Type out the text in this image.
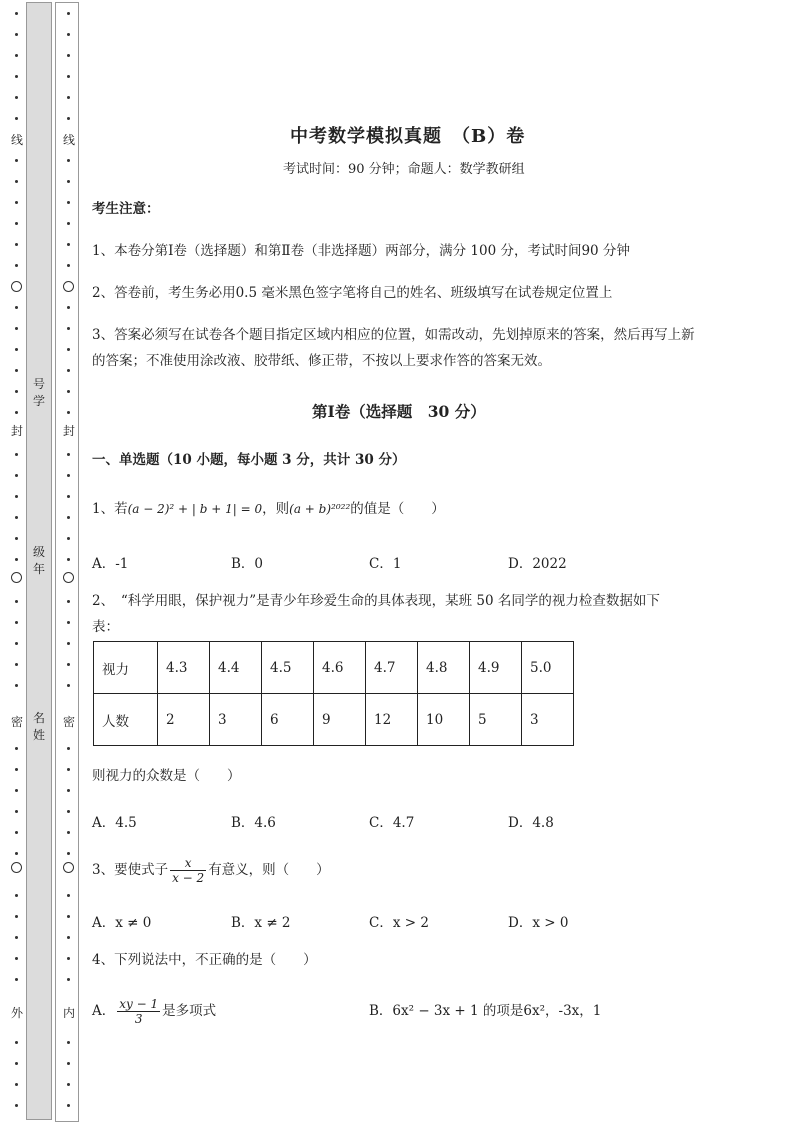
线
封
密
外
线
封
密
内
号
学
级
年
名
姓
中考数学模拟真题　（B）卷
考试时间：90 分钟；命题人：数学教研组
考生注意：
1、本卷分第Ⅰ卷（选择题）和第Ⅱ卷（非选择题）两部分，满分 100 分，考试时间90 分钟
2、答卷前，考生务必用0.5 毫米黑色签字笔将自己的姓名、班级填写在试卷规定位置上
3、答案必须写在试卷各个题目指定区域内相应的位置，如需改动，先划掉原来的答案，然后再写上新
的答案；不准使用涂改液、胶带纸、修正带，不按以上要求作答的答案无效。
第Ⅰ卷（选择题　30 分）
一、单选题（10 小题，每小题 3 分，共计 30 分）
1、若(a − 2)² + | b + 1| = 0，则(a + b)²⁰²²的值是（　　）
A．-1	B．0	C．1	D．2022
2、　“科学用眼，保护视力”是青少年珍爱生命的具体表现，某班 50 名同学的视力检查数据如下
表：
视力	4.3	4.4	4.5	4.6	4.7	4.8	4.9	5.0
人数	2	3	6	9	12	10	5	3
则视力的众数是（　　）
A．4.5	B．4.6	C．4.7	D．4.8
3、要使式子 $\frac{x}{x - 2}$ 有意义，则（　　）
A．x ≠ 0	B．x ≠ 2	C．x > 2	D．x > 0
4、下列说法中，不正确的是（　　）
A． $\frac{xy - 1}{3}$ 是多项式	B．6x² − 3x + 1 的项是6x²，-3x，1
